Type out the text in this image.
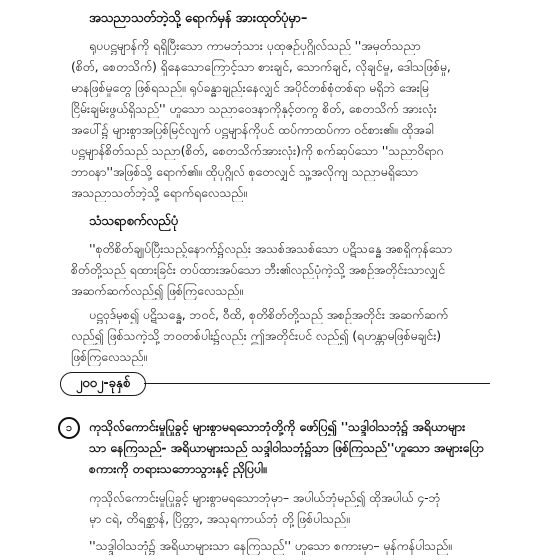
အသညာသတ်ဘဲ့သို့ ရောက်မှန် အားထုတ်ပုံမှာ–
ရုပပဋ္ဌမျာန်ကို ရရှိပြီးသော ကာမဘုံသား ပုထုဇဉ်ပုဂ္ဂိုလ်သည် ''အမှတ်သညာ
(စိတ်, စေတသိက်) ရှိနေသောကြောင့်သာ စားချင်, သောက်ချင်, လိုချင်မှု, ဒေါသဖြစ်မှု,
မာနဖြစ်မှုတွေ ဖြစ်ရသည်။ ရုပ်ခန္ဓာချည်းနေလျှင် အပိုင်တစ်စုံတစ်ရာ မရှိဘဲ အေးမြ
ငြိမ်းချမ်းဖွယ်ရှိသည်'' ဟူသော သညာဝေဒနာကိုနှင့်တကွ စိတ်, စေတသိက် အားလုံး
အပေါ်၌ များစွာအပြစ်မြင်လျက် ပဋ္ဌမျာန်ကိုပင် ထပ်ကာထပ်ကာ ဝင်စား၏။ ထိုအခါ
ပဋ္ဌမျာန်စိတ်သည် သညာ(စိတ်, စေတသိက်အားလုံး)ကို စက်ဆုပ်သော ''သညာဝိရာဂ
ဘာဝနာ''အဖြစ်သို့ ရောက်၏။ ထိုပုဂ္ဂိုလ် စုတေလျှင် သူ့အလိုကျ သညာမရှိသော
အသညာသတ်ဘဲ့သို့ ရောက်ရလေသည်။
သံသရာစက်လည်ပုံ
''စုတိစိတ်ချုပ်ပြီးသည့်နောက်၌လည်း အသစ်အသစ်သော ပဋိသန္ဓေ အစရှိကုန်သော
စိတ်တို့သည် ရထားခြင်း တပ်ထားအပ်သော ဘီး၏လည်ပုံကဲ့သို့ အစဉ်အတိုင်းသာလျှင်
အဆက်ဆက်လည်၍ ဖြစ်ကြလေသည်။
ပဋ္ဌဝုဒ်မှစ၍ ပဋိသန္ဓေ, ဘဝင်, ဝီထိ, စုတိစိတ်တို့သည် အစဉ်အတိုင်း အဆက်ဆက်
လည်၍ ဖြစ်သကဲ့သို့ ဘဝတစ်ပါး၌လည်း ဤအတိုင်းပင် လည်၍ (ရဟန္တာမဖြစ်မချင်း)
ဖြစ်ကြလေသည်။
၂၀၀၂-ခုနှစ်
၁	ကုသိုလ်ကောင်းမှုပြုခွင့် များစွာမရသောဘုံတို့ကို ဖော်ပြ၍ ''သဒ္ဒါဝါသဘုံ၌ အရိယာများ
သာ နေကြသည်- အရိယာများသည် သဒ္ဒါဝါသဘုံ၌သာ ဖြစ်ကြသည်''ဟူသော အများပြော
စကားကို တရားသဘောသွားနှင့် ညှိပြပါ။
ကုသိုလ်ကောင်းမှုပြုခွင့် များစွာမရသောဘုံမှာ– အပါယ်ဘုံမည်၍ ထိုအပါယ် ၄-ဘုံ
မှာ ငရဲ, တိရစ္ဆာန်, ပြိတ္တာ, အသုရကာယ်ဘုံ တို့ဖြစ်ပါသည်။
''သဒ္ဒါဝါသဘုံ၌ အရိယာများသာ နေကြသည်'' ဟူသော စကားမှာ– မှန်ကန်ပါသည်။
